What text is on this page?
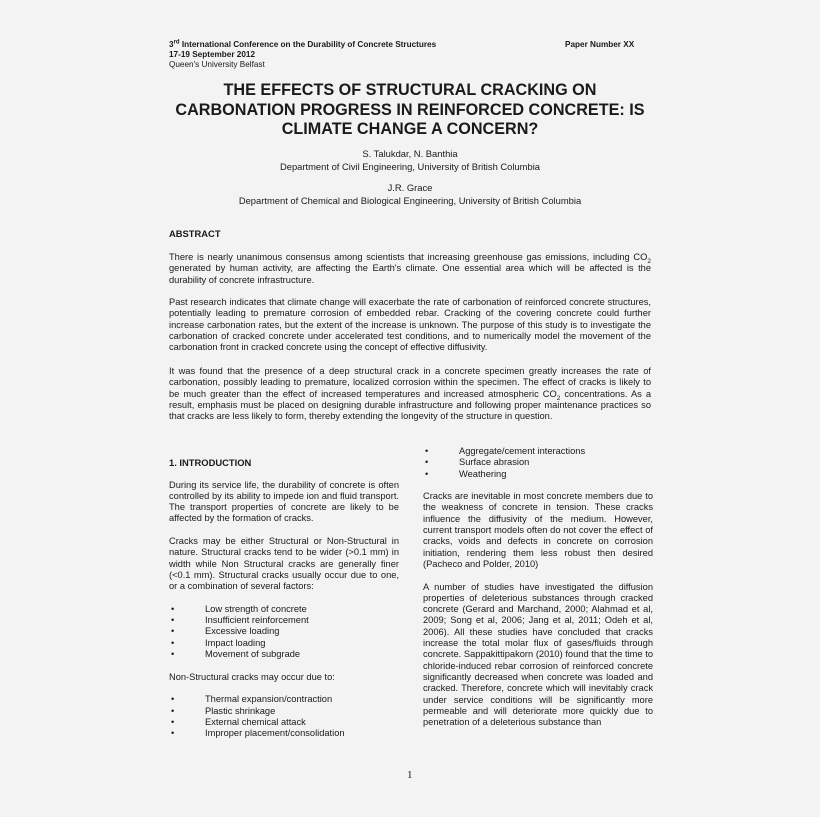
3rd International Conference on the Durability of Concrete Structures
17-19 September 2012
Queen's University Belfast
Paper Number XX
THE EFFECTS OF STRUCTURAL CRACKING ON
CARBONATION PROGRESS IN REINFORCED CONCRETE: IS
CLIMATE CHANGE A CONCERN?
S. Talukdar, N. Banthia
Department of Civil Engineering, University of British Columbia
J.R. Grace
Department of Chemical and Biological Engineering, University of British Columbia
ABSTRACT
There is nearly unanimous consensus among scientists that increasing greenhouse gas emissions, including $CO_2$ generated by human activity, are affecting the Earth's climate. One essential area which will be affected is the durability of concrete infrastructure.
Past research indicates that climate change will exacerbate the rate of carbonation of reinforced concrete structures, potentially leading to premature corrosion of embedded rebar. Cracking of the covering concrete could further increase carbonation rates, but the extent of the increase is unknown. The purpose of this study is to investigate the carbonation of cracked concrete under accelerated test conditions, and to numerically model the movement of the carbonation front in cracked concrete using the concept of effective diffusivity.
It was found that the presence of a deep structural crack in a concrete specimen greatly increases the rate of carbonation, possibly leading to premature, localized corrosion within the specimen. The effect of cracks is likely to be much greater than the effect of increased temperatures and increased atmospheric $CO_2$ concentrations. As a result, emphasis must be placed on designing durable infrastructure and following proper maintenance practices so that cracks are less likely to form, thereby extending the longevity of the structure in question.

1. INTRODUCTION

During its service life, the durability of concrete is often controlled by its ability to impede ion and fluid transport. The transport properties of concrete are likely to be affected by the formation of cracks.

Cracks may be either Structural or Non-Structural in nature. Structural cracks tend to be wider (>0.1 mm) in width while Non Structural cracks are generally finer (<0.1 mm). Structural cracks usually occur due to one, or a combination of several factors:

•	Low strength of concrete
•	Insufficient reinforcement
•	Excessive loading
•	Impact loading
•	Movement of subgrade

Non-Structural cracks may occur due to:

•	Thermal expansion/contraction
•	Plastic shrinkage
•	External chemical attack
•	Improper placement/consolidation
•	Aggregate/cement interactions
•	Surface abrasion
•	Weathering

Cracks are inevitable in most concrete members due to the weakness of concrete in tension. These cracks influence the diffusivity of the medium. However, current transport models often do not cover the effect of cracks, voids and defects in concrete on corrosion initiation, rendering them less robust then desired (Pacheco and Polder, 2010)

A number of studies have investigated the diffusion properties of deleterious substances through cracked concrete (Gerard and Marchand, 2000; Alahmad et al, 2009; Song et al, 2006; Jang et al, 2011; Odeh et al, 2006). All these studies have concluded that cracks increase the total molar flux of gases/fluids through concrete. Sappakittipakorn (2010) found that the time to chloride-induced rebar corrosion of reinforced concrete significantly decreased when concrete was loaded and cracked. Therefore, concrete which will inevitably crack under service conditions will be significantly more permeable and will deteriorate more quickly due to penetration of a deleterious substance than

1
